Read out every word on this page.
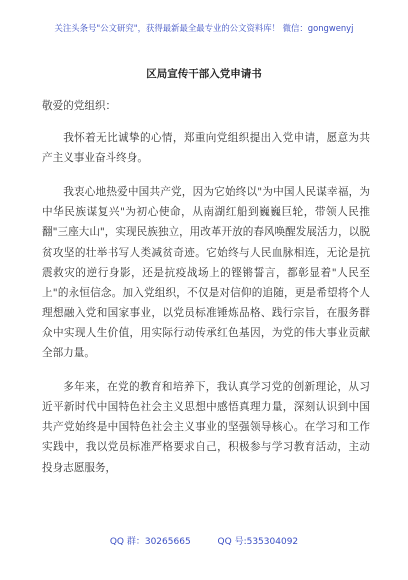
关注头条号"公文研究"，获得最新最全最专业的公文资料库！ 微信：gongwenyj
区局宣传干部入党申请书

敬爱的党组织：

我怀着无比诚挚的心情，郑重向党组织提出入党申请，愿意为共产主义事业奋斗终身。

我衷心地热爱中国共产党，因为它始终以"为中国人民谋幸福，为中华民族谋复兴"为初心使命，从南湖红船到巍巍巨轮，带领人民推翻"三座大山"，实现民族独立，用改革开放的春风唤醒发展活力，以脱贫攻坚的壮举书写人类减贫奇迹。它始终与人民血脉相连，无论是抗震救灾的逆行身影，还是抗疫战场上的铿锵誓言，都彰显着"人民至上"的永恒信念。加入党组织，不仅是对信仰的追随，更是希望将个人理想融入党和国家事业，以党员标准锤炼品格、践行宗旨，在服务群众中实现人生价值，用实际行动传承红色基因，为党的伟大事业贡献全部力量。

多年来，在党的教育和培养下，我认真学习党的创新理论，从习近平新时代中国特色社会主义思想中感悟真理力量，深刻认识到中国共产党始终是中国特色社会主义事业的坚强领导核心。在学习和工作实践中，我以党员标准严格要求自己，积极参与学习教育活动，主动投身志愿服务，

QQ 群：30265665	QQ 号:535304092
